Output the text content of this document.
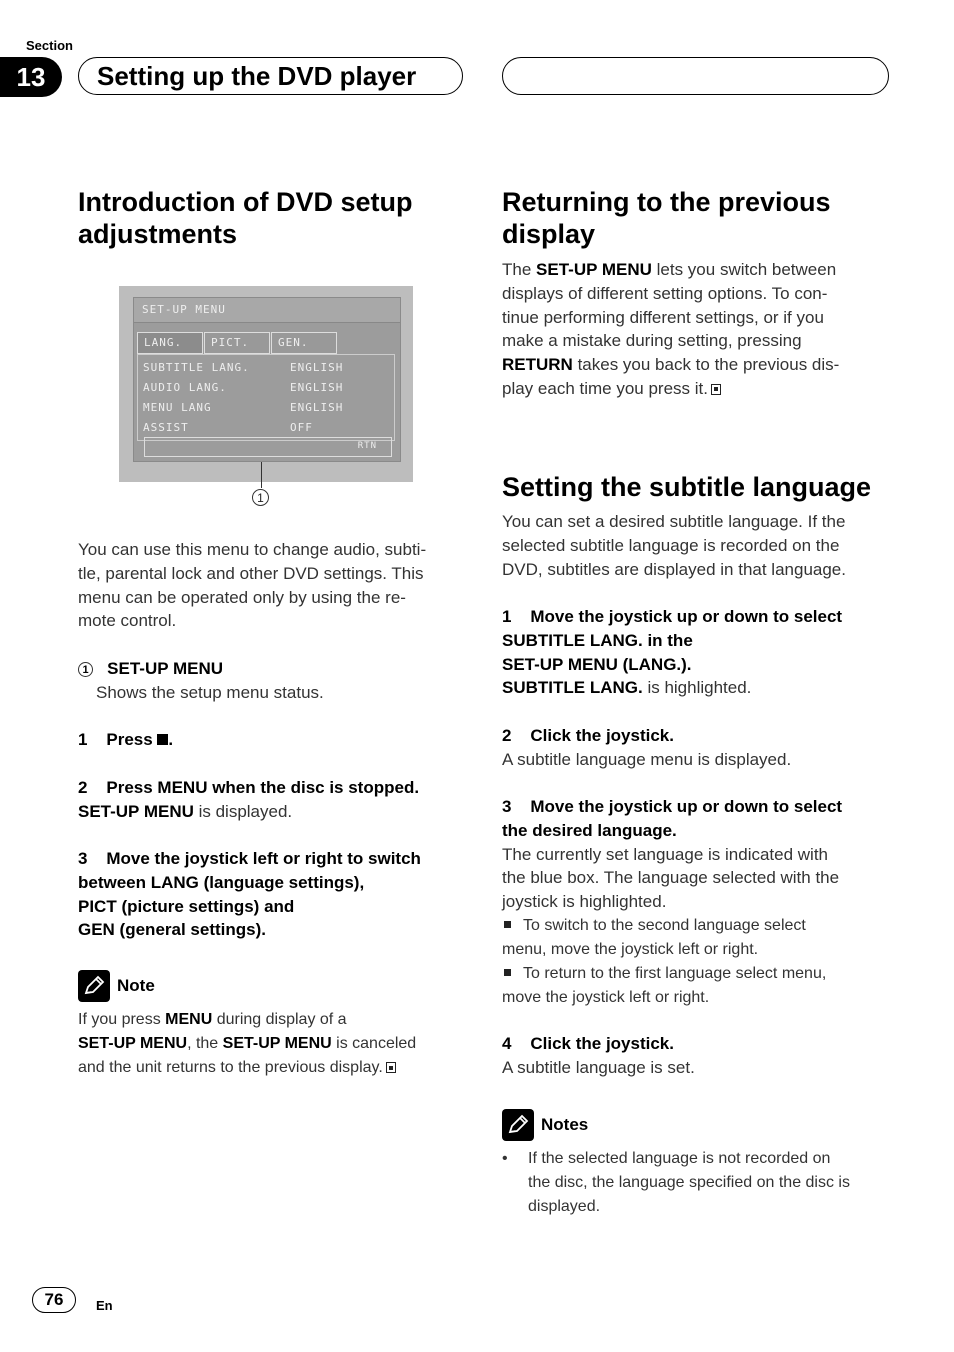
Section
13	Setting up the DVD player
Introduction of DVD setup
adjustments
SET-UP MENU
LANG.	PICT.	GEN.
SUBTITLE LANG.	ENGLISH
AUDIO LANG.	ENGLISH
MENU LANG	ENGLISH
ASSIST	OFF
RTN
1
You can use this menu to change audio, subti-
tle, parental lock and other DVD settings. This
menu can be operated only by using the re-
mote control.
1 SET-UP MENU
Shows the setup menu status.
1 Press .
2 Press MENU when the disc is stopped.
SET-UP MENU is displayed.
3 Move the joystick left or right to switch
between LANG (language settings),
PICT (picture settings) and
GEN (general settings).
Note
If you press MENU during display of a
SET-UP MENU, the SET-UP MENU is canceled
and the unit returns to the previous display.
Returning to the previous
display
The SET-UP MENU lets you switch between
displays of different setting options. To con-
tinue performing different settings, or if you
make a mistake during setting, pressing
RETURN takes you back to the previous dis-
play each time you press it.
Setting the subtitle language
You can set a desired subtitle language. If the
selected subtitle language is recorded on the
DVD, subtitles are displayed in that language.
1 Move the joystick up or down to select
SUBTITLE LANG. in the
SET-UP MENU (LANG.).
SUBTITLE LANG. is highlighted.
2 Click the joystick.
A subtitle language menu is displayed.
3 Move the joystick up or down to select
the desired language.
The currently set language is indicated with
the blue box. The language selected with the
joystick is highlighted.
To switch to the second language select
menu, move the joystick left or right.
To return to the first language select menu,
move the joystick left or right.
4 Click the joystick.
A subtitle language is set.
Notes
• If the selected language is not recorded on
the disc, the language specified on the disc is
displayed.
76	En
